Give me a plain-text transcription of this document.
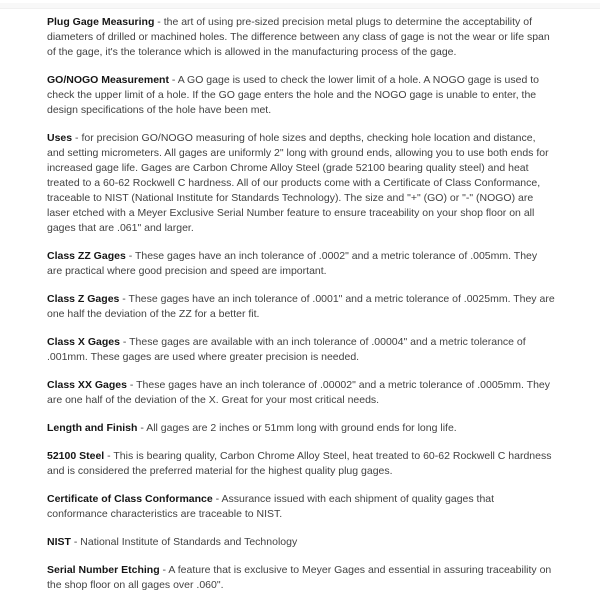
Plug Gage Measuring - the art of using pre-sized precision metal plugs to determine the acceptability of diameters of drilled or machined holes. The difference between any class of gage is not the wear or life span of the gage, it's the tolerance which is allowed in the manufacturing process of the gage.

GO/NOGO Measurement - A GO gage is used to check the lower limit of a hole. A NOGO gage is used to check the upper limit of a hole. If the GO gage enters the hole and the NOGO gage is unable to enter, the design specifications of the hole have been met.

Uses - for precision GO/NOGO measuring of hole sizes and depths, checking hole location and distance, and setting micrometers. All gages are uniformly 2" long with ground ends, allowing you to use both ends for increased gage life. Gages are Carbon Chrome Alloy Steel (grade 52100 bearing quality steel) and heat treated to a 60-62 Rockwell C hardness. All of our products come with a Certificate of Class Conformance, traceable to NIST (National Institute for Standards Technology). The size and "+" (GO) or "-" (NOGO) are laser etched with a Meyer Exclusive Serial Number feature to ensure traceability on your shop floor on all gages that are .061" and larger.

Class ZZ Gages - These gages have an inch tolerance of .0002" and a metric tolerance of .005mm. They are practical where good precision and speed are important.

Class Z Gages - These gages have an inch tolerance of .0001" and a metric tolerance of .0025mm. They are one half the deviation of the ZZ for a better fit.

Class X Gages - These gages are available with an inch tolerance of .00004" and a metric tolerance of .001mm. These gages are used where greater precision is needed.

Class XX Gages - These gages have an inch tolerance of .00002" and a metric tolerance of .0005mm. They are one half of the deviation of the X. Great for your most critical needs.

Length and Finish - All gages are 2 inches or 51mm long with ground ends for long life.

52100 Steel - This is bearing quality, Carbon Chrome Alloy Steel, heat treated to 60-62 Rockwell C hardness and is considered the preferred material for the highest quality plug gages.

Certificate of Class Conformance - Assurance issued with each shipment of quality gages that conformance characteristics are traceable to NIST.

NIST - National Institute of Standards and Technology

Serial Number Etching - A feature that is exclusive to Meyer Gages and essential in assuring traceability on the shop floor on all gages over .060".
